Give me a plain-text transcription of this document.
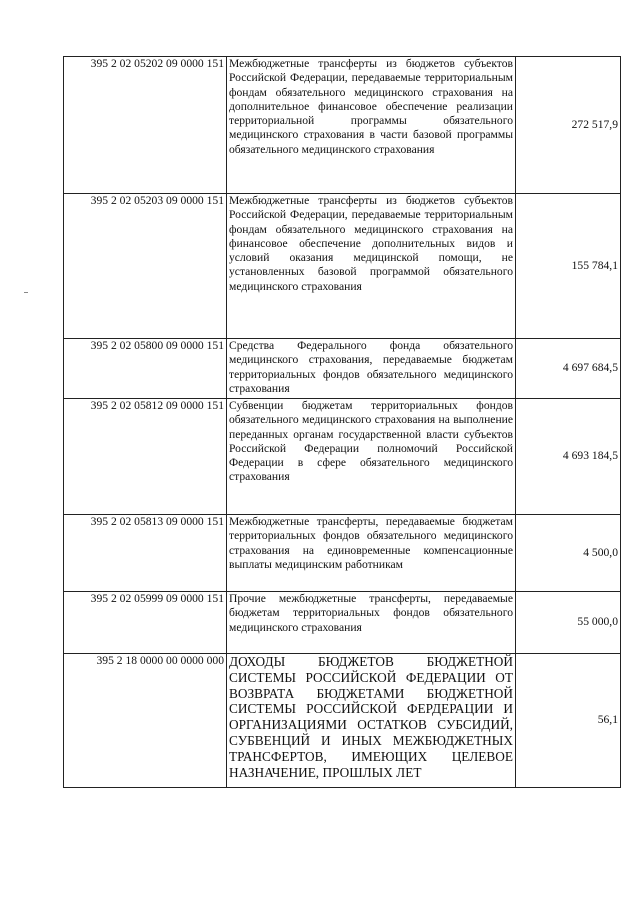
395 2 02 05202 09 0000 151	Межбюджетные трансферты из бюджетов субъектов Российской Федерации, передаваемые территориальным фондам обязательного медицинского страхования на дополнительное финансовое обеспечение реализации территориальной программы обязательного медицинского страхования в части базовой программы обязательного медицинского страхования	272 517,9
395 2 02 05203 09 0000 151	Межбюджетные трансферты из бюджетов субъектов Российской Федерации, передаваемые территориальным фондам обязательного медицинского страхования на финансовое обеспечение дополнительных видов и условий оказания медицинской помощи, не установленных базовой программой обязательного медицинского страхования	155 784,1
395 2 02 05800 09 0000 151	Средства Федерального фонда обязательного медицинского страхования, передаваемые бюджетам территориальных фондов обязательного медицинского страхования	4 697 684,5
395 2 02 05812 09 0000 151	Субвенции бюджетам территориальных фондов обязательного медицинского страхования на выполнение переданных органам государственной власти субъектов Российской Федерации полномочий Российской Федерации в сфере обязательного медицинского страхования	4 693 184,5
395 2 02 05813 09 0000 151	Межбюджетные трансферты, передаваемые бюджетам территориальных фондов обязательного медицинского страхования на единовременные компенсационные выплаты медицинским работникам	4 500,0
395 2 02 05999 09 0000 151	Прочие межбюджетные трансферты, передаваемые бюджетам территориальных фондов обязательного медицинского страхования	55 000,0
395 2 18 0000 00 0000 000	ДОХОДЫ БЮДЖЕТОВ БЮДЖЕТНОЙ СИСТЕМЫ РОССИЙСКОЙ ФЕДЕРАЦИИ ОТ ВОЗВРАТА БЮДЖЕТАМИ БЮДЖЕТНОЙ СИСТЕМЫ РОССИЙСКОЙ ФЕРДЕРАЦИИ И ОРГАНИЗАЦИЯМИ ОСТАТКОВ СУБСИДИЙ, СУБВЕНЦИЙ И ИНЫХ МЕЖБЮДЖЕТНЫХ ТРАНСФЕРТОВ, ИМЕЮЩИХ ЦЕЛЕВОЕ НАЗНАЧЕНИЕ, ПРОШЛЫХ ЛЕТ	56,1
